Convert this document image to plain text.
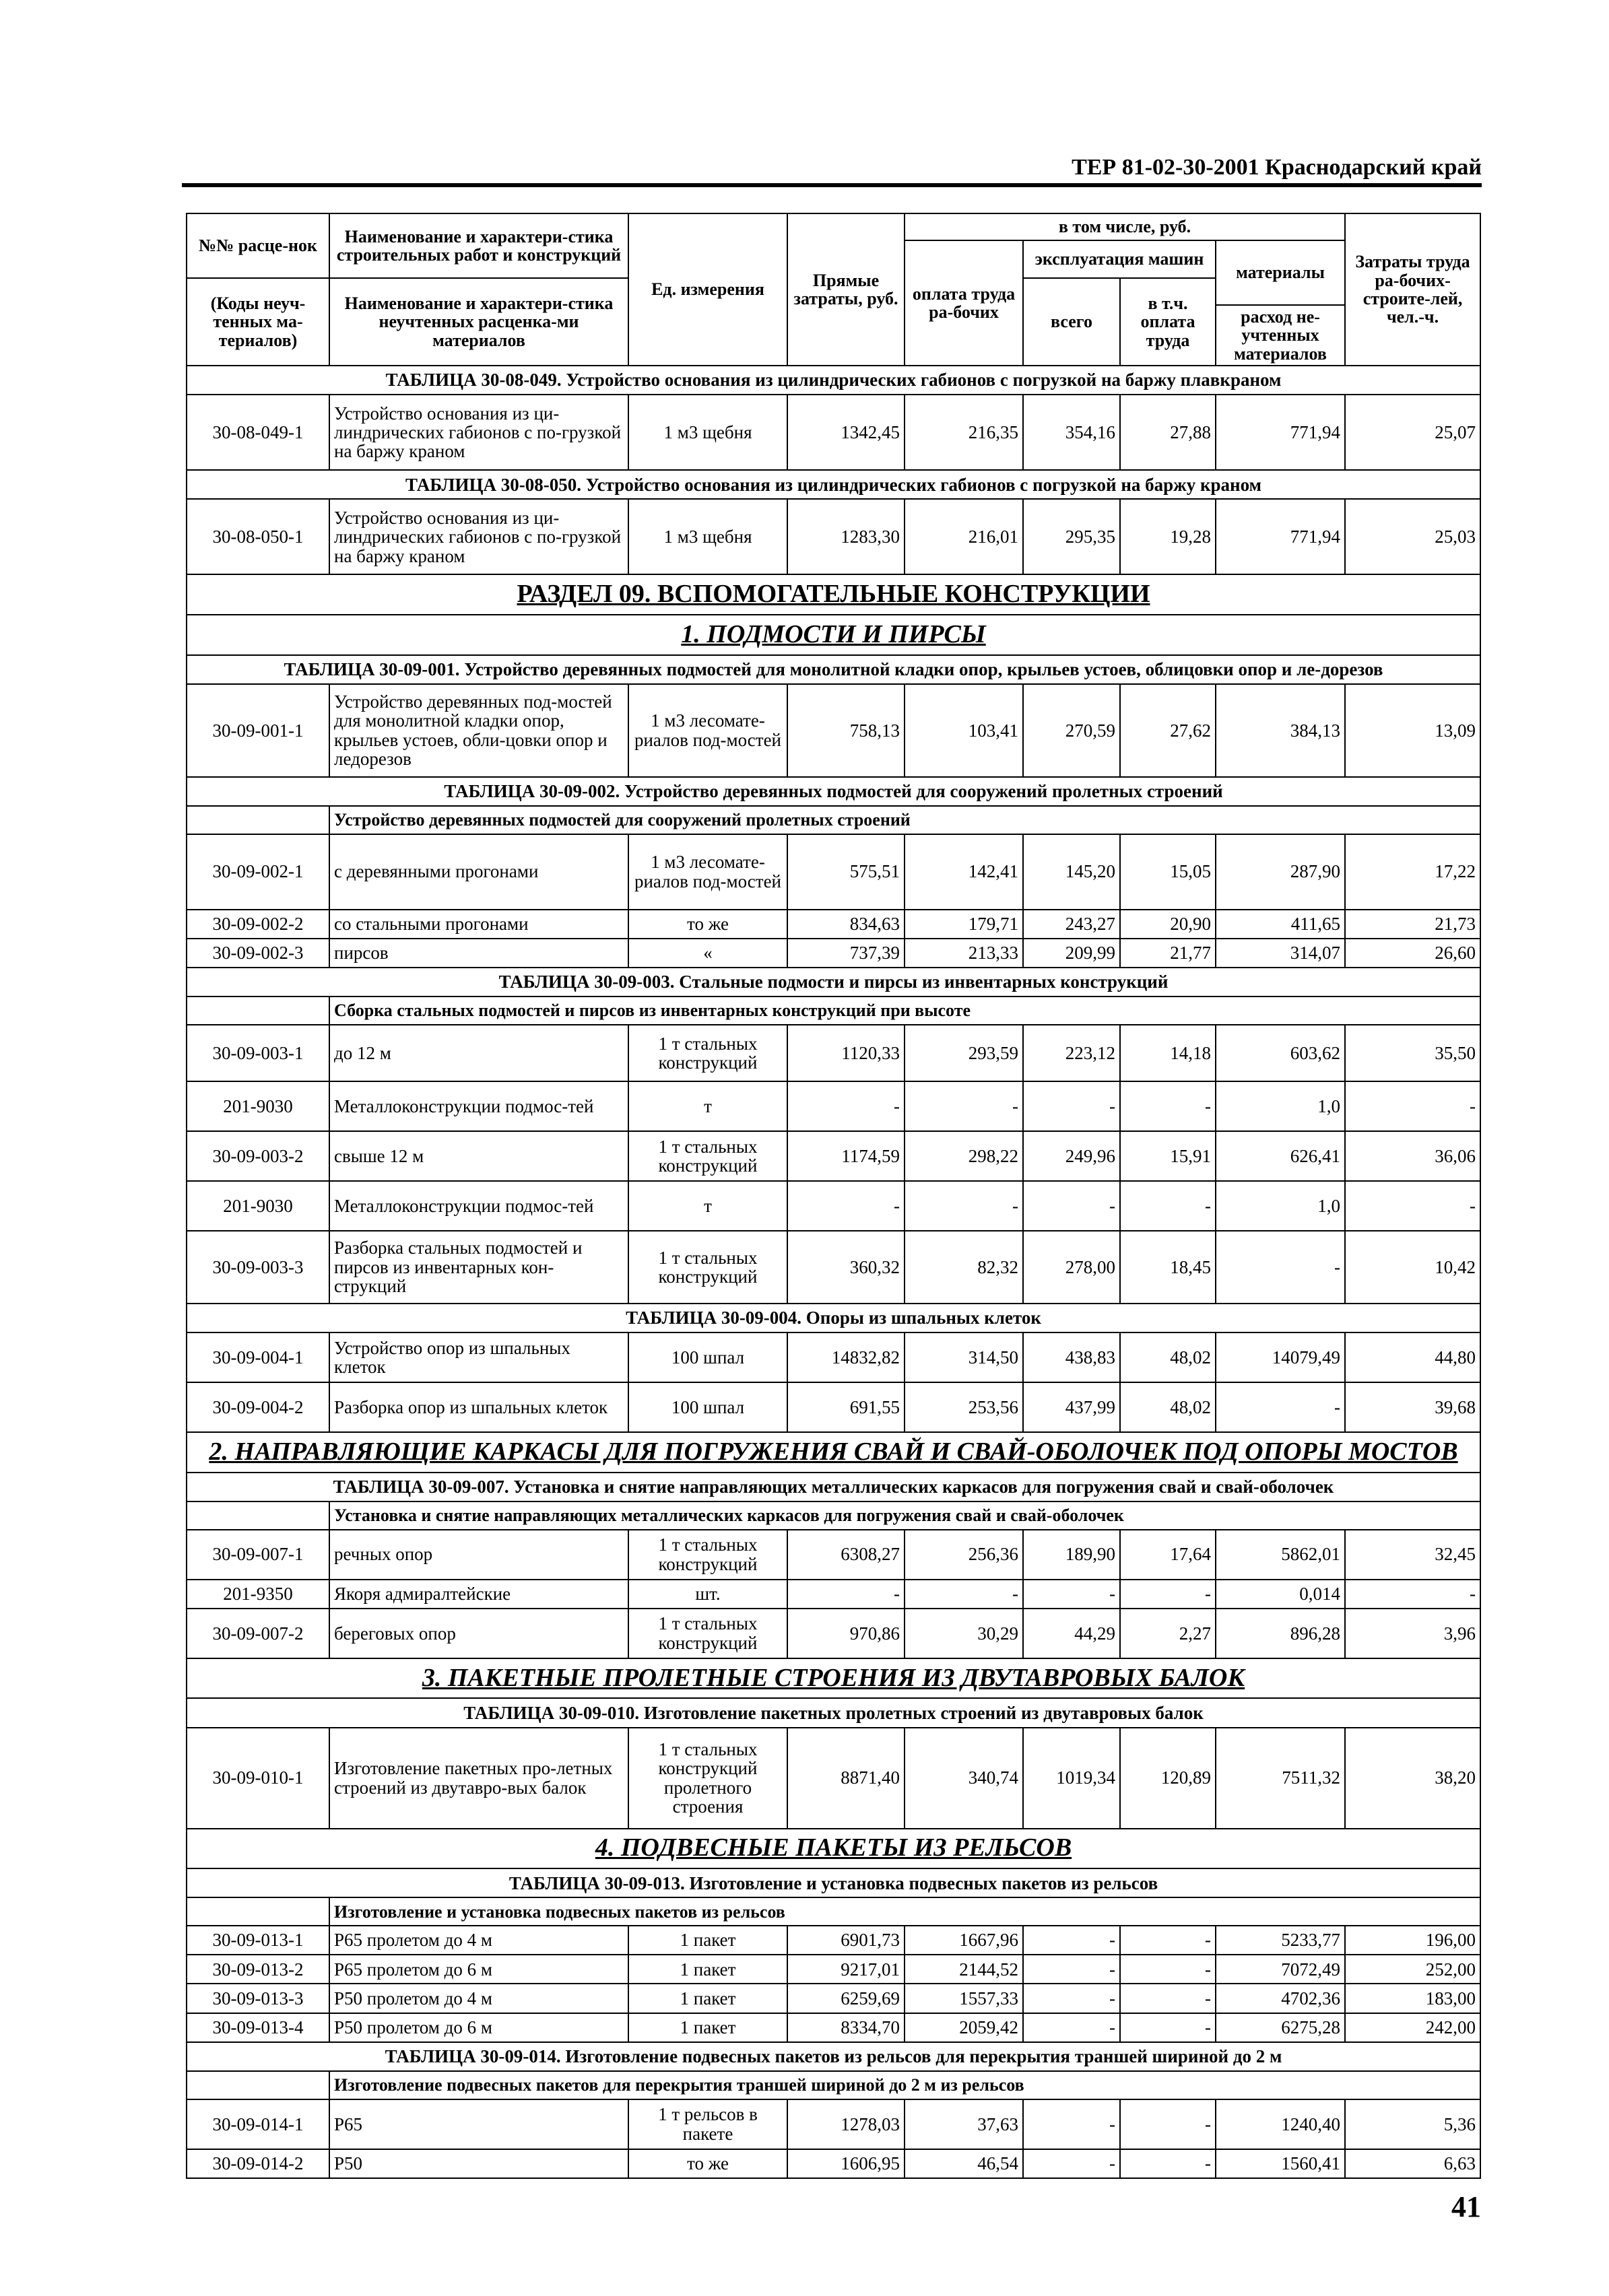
ТЕР 81-02-30-2001 Краснодарский край
№№ расце-нок	Наименование и характери-стика строительных работ и конструкций	Ед. измерения	Прямые затраты, руб.	в том числе, руб.				Затраты труда ра-бочих-строите-лей, чел.-ч.
				оплата труда ра-бочих	эксплуатация машин		материалы	
(Коды неуч-тенных ма-териалов)	Наименование и характери-стика неучтенных расценка-ми материалов				всего	в т.ч. оплата труда		
							расход не-учтенных материалов	
ТАБЛИЦА 30-08-049. Устройство основания из цилиндрических габионов с погрузкой на баржу плавкраном								
30-08-049-1	Устройство основания из ци-линдрических габионов с по-грузкой на баржу краном	1 м3 щебня	1342,45	216,35	354,16	27,88	771,94	25,07
ТАБЛИЦА 30-08-050. Устройство основания из цилиндрических габионов с погрузкой на баржу краном								
30-08-050-1	Устройство основания из ци-линдрических габионов с по-грузкой на баржу краном	1 м3 щебня	1283,30	216,01	295,35	19,28	771,94	25,03
РАЗДЕЛ 09. ВСПОМОГАТЕЛЬНЫЕ КОНСТРУКЦИИ								
1. ПОДМОСТИ И ПИРСЫ								
ТАБЛИЦА 30-09-001. Устройство деревянных подмостей для монолитной кладки опор, крыльев устоев, облицовки опор и ле-дорезов								
30-09-001-1	Устройство деревянных под-мостей для монолитной кладки опор, крыльев устоев, обли-цовки опор и ледорезов	1 м3 лесомате-риалов под-мостей	758,13	103,41	270,59	27,62	384,13	13,09
ТАБЛИЦА 30-09-002. Устройство деревянных подмостей для сооружений пролетных строений								
	Устройство деревянных подмостей для сооружений пролетных строений							
30-09-002-1	с деревянными прогонами	1 м3 лесомате-риалов под-мостей	575,51	142,41	145,20	15,05	287,90	17,22
30-09-002-2	со стальными прогонами	то же	834,63	179,71	243,27	20,90	411,65	21,73
30-09-002-3	пирсов	«	737,39	213,33	209,99	21,77	314,07	26,60
ТАБЛИЦА 30-09-003. Стальные подмости и пирсы из инвентарных конструкций								
	Сборка стальных подмостей и пирсов из инвентарных конструкций при высоте							
30-09-003-1	до 12 м	1 т стальных конструкций	1120,33	293,59	223,12	14,18	603,62	35,50
201-9030	Металлоконструкции подмос-тей	т	-	-	-	-	1,0	-
30-09-003-2	свыше 12 м	1 т стальных конструкций	1174,59	298,22	249,96	15,91	626,41	36,06
201-9030	Металлоконструкции подмос-тей	т	-	-	-	-	1,0	-
30-09-003-3	Разборка стальных подмостей и пирсов из инвентарных кон-струкций	1 т стальных конструкций	360,32	82,32	278,00	18,45	-	10,42
ТАБЛИЦА 30-09-004. Опоры из шпальных клеток								
30-09-004-1	Устройство опор из шпальных клеток	100 шпал	14832,82	314,50	438,83	48,02	14079,49	44,80
30-09-004-2	Разборка опор из шпальных клеток	100 шпал	691,55	253,56	437,99	48,02	-	39,68
2. НАПРАВЛЯЮЩИЕ КАРКАСЫ ДЛЯ ПОГРУЖЕНИЯ СВАЙ И СВАЙ-ОБОЛОЧЕК ПОД ОПОРЫ МОСТОВ								
ТАБЛИЦА 30-09-007. Установка и снятие направляющих металлических каркасов для погружения свай и свай-оболочек								
	Установка и снятие направляющих металлических каркасов для погружения свай и свай-оболочек							
30-09-007-1	речных опор	1 т стальных конструкций	6308,27	256,36	189,90	17,64	5862,01	32,45
201-9350	Якоря адмиралтейские	шт.	-	-	-	-	0,014	-
30-09-007-2	береговых опор	1 т стальных конструкций	970,86	30,29	44,29	2,27	896,28	3,96
3. ПАКЕТНЫЕ ПРОЛЕТНЫЕ СТРОЕНИЯ ИЗ ДВУТАВРОВЫХ БАЛОК								
ТАБЛИЦА 30-09-010. Изготовление пакетных пролетных строений из двутавровых балок								
30-09-010-1	Изготовление пакетных про-летных строений из двутавро-вых балок	1 т стальных конструкций пролетного строения	8871,40	340,74	1019,34	120,89	7511,32	38,20
4. ПОДВЕСНЫЕ ПАКЕТЫ ИЗ РЕЛЬСОВ								
ТАБЛИЦА 30-09-013. Изготовление и установка подвесных пакетов из рельсов								
	Изготовление и установка подвесных пакетов из рельсов							
30-09-013-1	Р65 пролетом до 4 м	1 пакет	6901,73	1667,96	-	-	5233,77	196,00
30-09-013-2	Р65 пролетом до 6 м	1 пакет	9217,01	2144,52	-	-	7072,49	252,00
30-09-013-3	Р50 пролетом до 4 м	1 пакет	6259,69	1557,33	-	-	4702,36	183,00
30-09-013-4	Р50 пролетом до 6 м	1 пакет	8334,70	2059,42	-	-	6275,28	242,00
ТАБЛИЦА 30-09-014. Изготовление подвесных пакетов из рельсов для перекрытия траншей шириной до 2 м								
	Изготовление подвесных пакетов для перекрытия траншей шириной до 2 м из рельсов							
30-09-014-1	Р65	1 т рельсов в пакете	1278,03	37,63	-	-	1240,40	5,36
30-09-014-2	Р50	то же	1606,95	46,54	-	-	1560,41	6,63
41
